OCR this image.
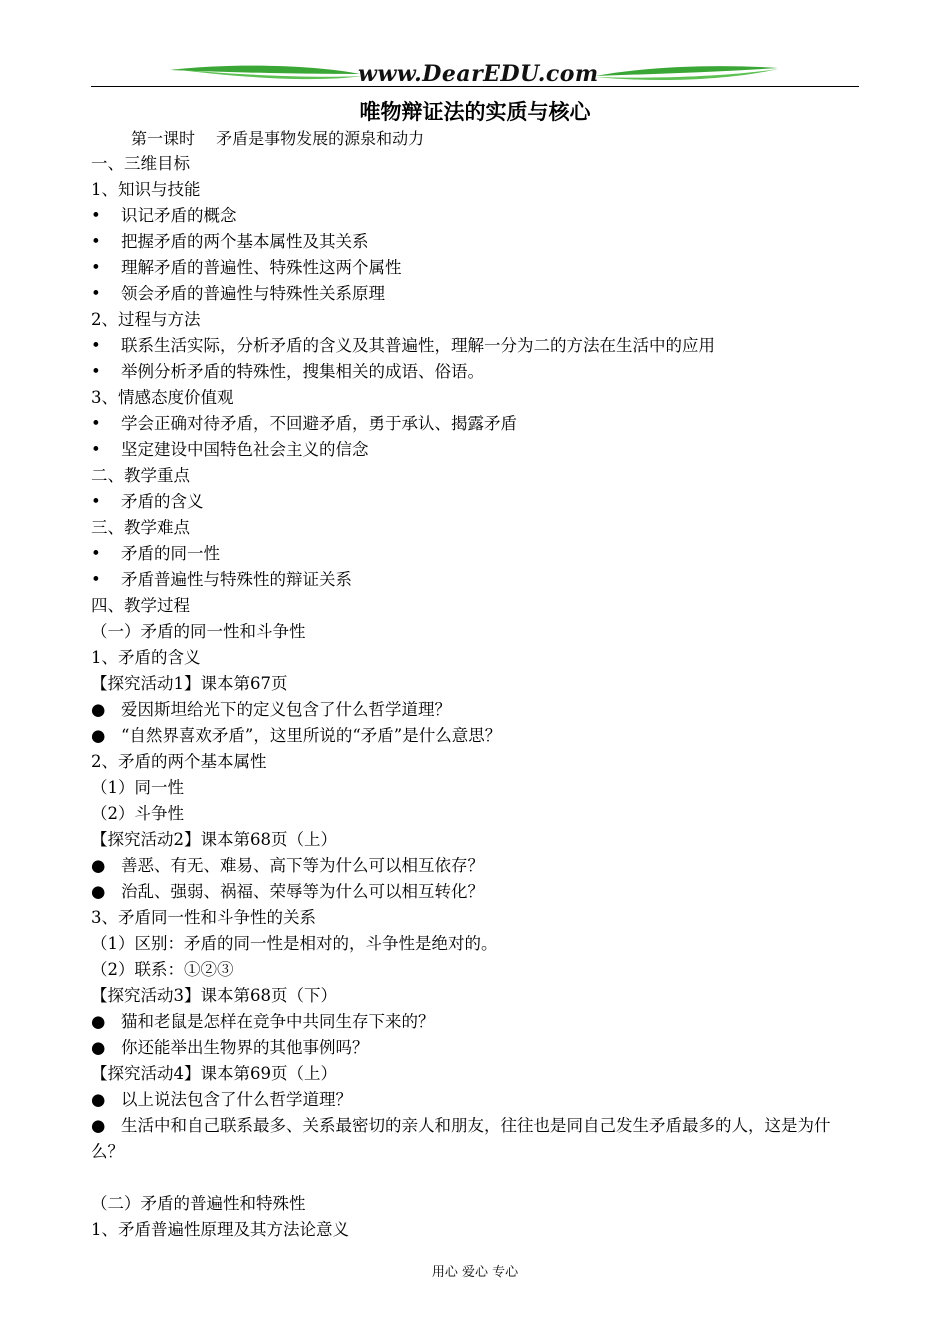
www.DearEDU.com
唯物辩证法的实质与核心
第一课时　 矛盾是事物发展的源泉和动力
一、三维目标
1、知识与技能
• 识记矛盾的概念
• 把握矛盾的两个基本属性及其关系
• 理解矛盾的普遍性、特殊性这两个属性
• 领会矛盾的普遍性与特殊性关系原理
2、过程与方法
• 联系生活实际，分析矛盾的含义及其普遍性，理解一分为二的方法在生活中的应用
• 举例分析矛盾的特殊性，搜集相关的成语、俗语。
3、情感态度价值观
• 学会正确对待矛盾，不回避矛盾，勇于承认、揭露矛盾
• 坚定建设中国特色社会主义的信念
二、教学重点
• 矛盾的含义
三、教学难点
• 矛盾的同一性
• 矛盾普遍性与特殊性的辩证关系
四、教学过程
（一）矛盾的同一性和斗争性
1、矛盾的含义
【探究活动1】课本第67页
● 爱因斯坦给光下的定义包含了什么哲学道理？
● “自然界喜欢矛盾”，这里所说的“矛盾”是什么意思？
2、矛盾的两个基本属性
（1）同一性
（2）斗争性
【探究活动2】课本第68页（上）
● 善恶、有无、难易、高下等为什么可以相互依存？
● 治乱、强弱、祸福、荣辱等为什么可以相互转化？
3、矛盾同一性和斗争性的关系
（1）区别：矛盾的同一性是相对的，斗争性是绝对的。
（2）联系：①②③
【探究活动3】课本第68页（下）
● 猫和老鼠是怎样在竞争中共同生存下来的？
● 你还能举出生物界的其他事例吗？
【探究活动4】课本第69页（上）
● 以上说法包含了什么哲学道理？
● 生活中和自己联系最多、关系最密切的亲人和朋友，往往也是同自己发生矛盾最多的人，这是为什么？
（二）矛盾的普遍性和特殊性
1、矛盾普遍性原理及其方法论意义
用心 爱心 专心
